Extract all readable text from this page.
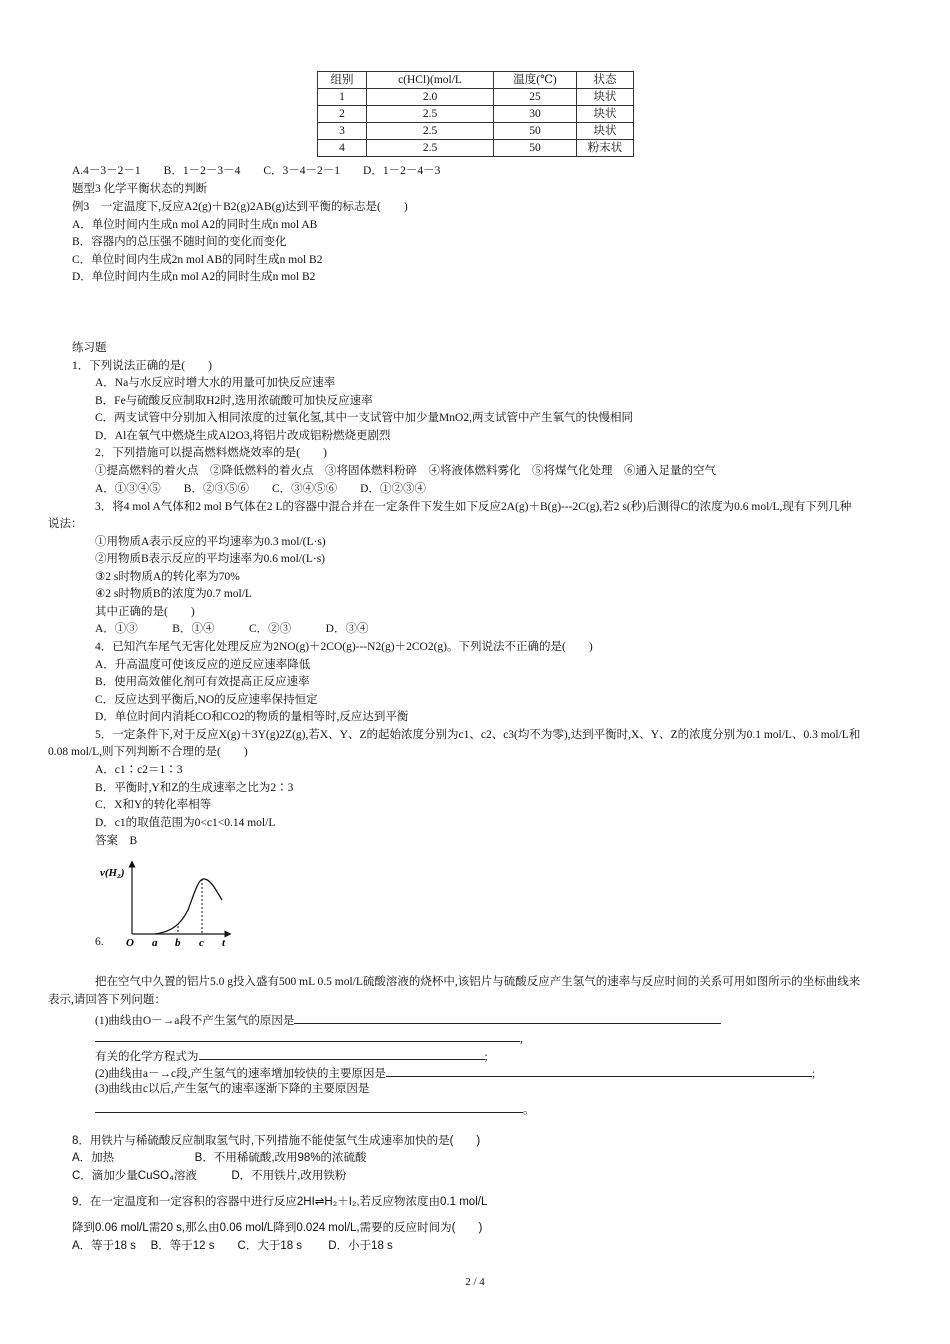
组别	c(HCl)(mol/L	温度(℃)	状态
1	2.0	25	块状
2	2.5	30	块状
3	2.5	50	块状
4	2.5	50	粉末状
A.4－3－2－1　　B．1－2－3－4　　C．3－4－2－1　　D．1－2－4－3
题型3 化学平衡状态的判断
例3　一定温度下,反应A2(g)＋B2(g)2AB(g)达到平衡的标志是(　　)
A．单位时间内生成n mol A2的同时生成n mol AB
B．容器内的总压强不随时间的变化而变化
C．单位时间内生成2n mol AB的同时生成n mol B2
D．单位时间内生成n mol A2的同时生成n mol B2
练习题
1．下列说法正确的是(　　)
A．Na与水反应时增大水的用量可加快反应速率
B．Fe与硫酸反应制取H2时,选用浓硫酸可加快反应速率
C．两支试管中分别加入相同浓度的过氧化氢,其中一支试管中加少量MnO2,两支试管中产生氧气的快慢相同
D．Al在氧气中燃烧生成Al2O3,将铝片改成铝粉燃烧更剧烈
2．下列措施可以提高燃料燃烧效率的是(　　)
①提高燃料的着火点　②降低燃料的着火点　③将固体燃料粉碎　④将液体燃料雾化　⑤将煤气化处理　⑥通入足量的空气
A．①③④⑤　　B．②③⑤⑥　　C．③④⑤⑥　　D．①②③④
3．将4 mol A气体和2 mol B气体在2 L的容器中混合并在一定条件下发生如下反应2A(g)＋B(g)---2C(g),若2 s(秒)后测得C的浓度为0.6 mol/L,现有下列几种
说法：
①用物质A表示反应的平均速率为0.3 mol/(L·s)
②用物质B表示反应的平均速率为0.6 mol/(L·s)
③2 s时物质A的转化率为70%
④2 s时物质B的浓度为0.7 mol/L
其中正确的是(　　)
A．①③　　　B．①④　　　C．②③　　　D．③④
4．已知汽车尾气无害化处理反应为2NO(g)＋2CO(g)---N2(g)＋2CO2(g)。下列说法不正确的是(　　)
A．升高温度可使该反应的逆反应速率降低
B．使用高效催化剂可有效提高正反应速率
C．反应达到平衡后,NO的反应速率保持恒定
D．单位时间内消耗CO和CO2的物质的量相等时,反应达到平衡
5．一定条件下,对于反应X(g)＋3Y(g)2Z(g),若X、Y、Z的起始浓度分别为c1、c2、c3(均不为零),达到平衡时,X、Y、Z的浓度分别为0.1 mol/L、0.3 mol/L和
0.08 mol/L,则下列判断不合理的是(　　)
A．c1∶c2＝1∶3
B．平衡时,Y和Z的生成速率之比为2∶3
C．X和Y的转化率相等
D．c1的取值范围为0<c1<0.14 mol/L
答案　B
6.
v(H₂)
O a b c t
把在空气中久置的铝片5.0 g投入盛有500 mL 0.5 mol/L硫酸溶液的烧杯中,该铝片与硫酸反应产生氢气的速率与反应时间的关系可用如图所示的坐标曲线来
表示,请回答下列问题：
(1)曲线由O－→a段不产生氢气的原因是
,
有关的化学方程式为	;
(2)曲线由a－→c段,产生氢气的速率增加较快的主要原因是	;
(3)曲线由c以后,产生氢气的速率逐渐下降的主要原因是
。
8．用铁片与稀硫酸反应制取氢气时,下列措施不能使氢气生成速率加快的是(　　)
A．加热　　　　　　　B．不用稀硫酸,改用98%的浓硫酸
C．滴加少量CuSO₄溶液　　　D．不用铁片,改用铁粉
9．在一定温度和一定容积的容器中进行反应2HI⇌H₂＋I₂,若反应物浓度由0.1 mol/L
降到0.06 mol/L需20 s,那么由0.06 mol/L降到0.024 mol/L,需要的反应时间为(　　)
A．等于18 s　 B．等于12 s　　C．大于18 s　　 D．小于18 s
2 / 4
